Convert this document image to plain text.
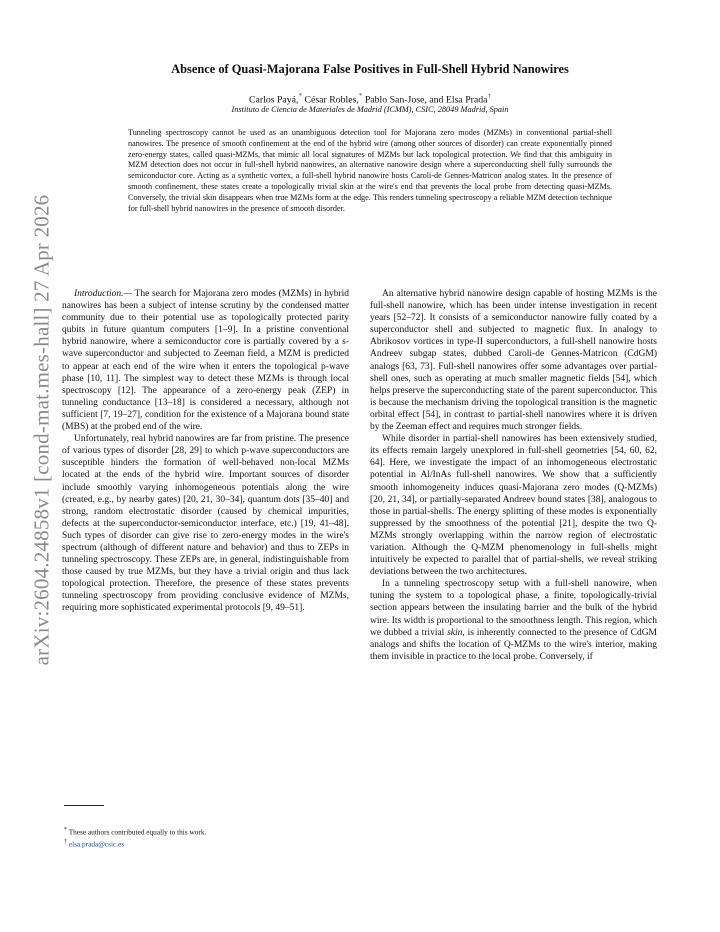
arXiv:2604.24858v1 [cond-mat.mes-hall] 27 Apr 2026
Absence of Quasi-Majorana False Positives in Full-Shell Hybrid Nanowires
Carlos Payá,* César Robles,* Pablo San-Jose, and Elsa Prada†
Instituto de Ciencia de Materiales de Madrid (ICMM), CSIC, 28049 Madrid, Spain
Tunneling spectroscopy cannot be used as an unambiguous detection tool for Majorana zero modes (MZMs) in conventional partial-shell nanowires. The presence of smooth confinement at the end of the hybrid wire (among other sources of disorder) can create exponentially pinned zero-energy states, called quasi-MZMs, that mimic all local signatures of MZMs but lack topological protection. We find that this ambiguity in MZM detection does not occur in full-shell hybrid nanowires, an alternative nanowire design where a superconducting shell fully surrounds the semiconductor core. Acting as a synthetic vortex, a full-shell hybrid nanowire hosts Caroli-de Gennes-Matricon analog states. In the presence of smooth confinement, these states create a topologically trivial skin at the wire's end that prevents the local probe from detecting quasi-MZMs. Conversely, the trivial skin disappears when true MZMs form at the edge. This renders tunneling spectroscopy a reliable MZM detection technique for full-shell hybrid nanowires in the presence of smooth disorder.

Introduction.— The search for Majorana zero modes (MZMs) in hybrid nanowires has been a subject of intense scrutiny by the condensed matter community due to their potential use as topologically protected parity qubits in future quantum computers [1–9]. In a pristine conventional hybrid nanowire, where a semiconductor core is partially covered by a s-wave superconductor and subjected to Zeeman field, a MZM is predicted to appear at each end of the wire when it enters the topological p-wave phase [10, 11]. The simplest way to detect these MZMs is through local spectroscopy [12]. The appearance of a zero-energy peak (ZEP) in tunneling conductance [13–18] is considered a necessary, although not sufficient [7, 19–27], condition for the existence of a Majorana bound state (MBS) at the probed end of the wire.

Unfortunately, real hybrid nanowires are far from pristine. The presence of various types of disorder [28, 29] to which p-wave superconductors are susceptible hinders the formation of well-behaved non-local MZMs located at the ends of the hybrid wire. Important sources of disorder include smoothly varying inhomogeneous potentials along the wire (created, e.g., by nearby gates) [20, 21, 30–34], quantum dots [35–40] and strong, random electrostatic disorder (caused by chemical impurities, defects at the superconductor-semiconductor interface, etc.) [19, 41–48]. Such types of disorder can give rise to zero-energy modes in the wire's spectrum (although of different nature and behavior) and thus to ZEPs in tunneling spectroscopy. These ZEPs are, in general, indistinguishable from those caused by true MZMs, but they have a trivial origin and thus lack topological protection. Therefore, the presence of these states prevents tunneling spectroscopy from providing conclusive evidence of MZMs, requiring more sophisticated experimental protocols [9, 49–51].

An alternative hybrid nanowire design capable of hosting MZMs is the full-shell nanowire, which has been under intense investigation in recent years [52–72]. It consists of a semiconductor nanowire fully coated by a superconductor shell and subjected to magnetic flux. In analogy to Abrikosov vortices in type-II superconductors, a full-shell nanowire hosts Andreev subgap states, dubbed Caroli-de Gennes-Matricon (CdGM) analogs [63, 73]. Full-shell nanowires offer some advantages over partial-shell ones, such as operating at much smaller magnetic fields [54], which helps preserve the superconducting state of the parent superconductor. This is because the mechanism driving the topological transition is the magnetic orbital effect [54], in contrast to partial-shell nanowires where it is driven by the Zeeman effect and requires much stronger fields.

While disorder in partial-shell nanowires has been extensively studied, its effects remain largely unexplored in full-shell geometries [54, 60, 62, 64]. Here, we investigate the impact of an inhomogeneous electrostatic potential in Al/InAs full-shell nanowires. We show that a sufficiently smooth inhomogeneity induces quasi-Majorana zero modes (Q-MZMs) [20, 21, 34], or partially-separated Andreev bound states [38], analogous to those in partial-shells. The energy splitting of these modes is exponentially suppressed by the smoothness of the potential [21], despite the two Q-MZMs strongly overlapping within the narrow region of electrostatic variation. Although the Q-MZM phenomenology in full-shells might intuitively be expected to parallel that of partial-shells, we reveal striking deviations between the two architectures.

In a tunneling spectroscopy setup with a full-shell nanowire, when tuning the system to a topological phase, a finite, topologically-trivial section appears between the insulating barrier and the bulk of the hybrid wire. Its width is proportional to the smoothness length. This region, which we dubbed a trivial skin, is inherently connected to the presence of CdGM analogs and shifts the location of Q-MZMs to the wire's interior, making them invisible in practice to the local probe. Conversely, if

* These authors contributed equally to this work.
† elsa.prada@csic.es
